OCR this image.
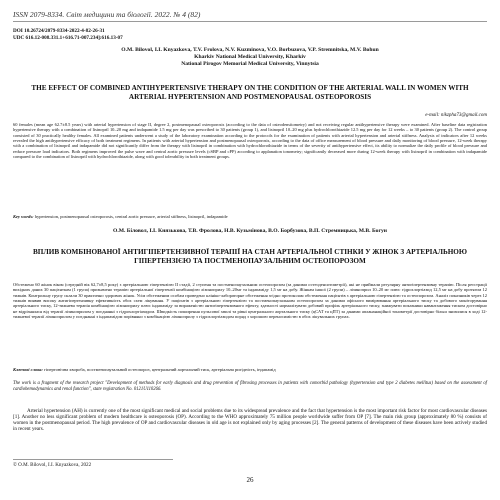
ISSN 2079-8334. Світ медицини та біології. 2022. № 4 (82)
DOI 10.26724/2079-8334-2022-4-82-26-31
UDC 616.12-008.331.1+616.71-007.234]:616.13-07
O.M. Bilovol, I.I. Knyazkova, T.V. Frolova, N.V. Kuzminova, V.O. Borbuzova, V.P. Stremnitska, M.V. Bohun
Kharkiv National Medical University, Kharkiv
National Pirogov Memorial Medical University, Vinnytsia
THE EFFECT OF COMBINED ANTIHYPERTENSIVE THERAPY ON THE CONDITION OF THE ARTERIAL WALL IN WOMEN WITH ARTERIAL HYPERTENSION AND POSTMENOPAUSAL OSTEOPOROSIS
e-mail: nikzpha73@gmail.com
60 females (mean age 62.7±8.5 years) with arterial hypertension of stage II, degree 2, postmenopausal osteoporosis (according to the data of osteodensitometry) and not receiving regular antihypertensive therapy were examined. After baseline data registration hypertensive therapy with a combination of lisinopril 10–20 mg and indapamide 1.5 mg per day was prescribed to 30 patients (group 1), and lisinopril 10–20 mg plus hydrochlorothiazide 12.5 mg per day for 12 weeks – to 30 patients (group 2). The control group consisted of 30 practically healthy females. All examined patients underwent a study of the laboratory examination according to the protocols for the examination of patients with arterial hypertension and arterial stiffness. Analysis of indicators after 12 weeks revealed the high antihypertensive efficacy of both treatment regimens. In patients with arterial hypertension and postmenopausal osteoporosis, according to the data of office measurement of blood pressure and daily monitoring of blood pressure, 12-week therapy with a combination of lisinopril and indapamide did not significantly differ from the therapy with lisinopril in combination with hydrochlorothiazide in terms of the severity of antihypertensive effect, its ability to normalize the daily profile of blood pressure and reduce pressure load indicators. Both regimens improved the pulse wave and central aortic pressure levels (cSBP and cPP) according to applanation tonometry; significantly decreased more during 12-week therapy with lisinopril in combination with indapamide compared to the combination of lisinopril with hydrochlorothiazide, along with good tolerability in both treatment groups.
Key words: hypertension, postmenopausal osteoporosis, central aortic pressure, arterial stiffness, lisinopril, indapamide
О.М. Біловол, І.І. Князькова, Т.В. Фролова, Н.В. Кузьмінова, В.О. Борбузова, В.П. Стремницька, М.В. Богун
ВПЛИВ КОМБІНОВАНОЇ АНТИГІПЕРТЕНЗИВНОЇ ТЕРАПІЇ НА СТАН АРТЕРІАЛЬНОЇ СТІНКИ У ЖІНОК З АРТЕРІАЛЬНОЮ ГІПЕРТЕНЗІЄЮ ТА ПОСТМЕНОПАУЗАЛЬНИМ ОСТЕОПОРОЗОМ
Обстежено 60 жінок віком (середній вік 62,7±8,5 року) з артеріальною гіпертензією II стадії, 2 ступеня та постменопаузальним остеопорозом (за даними остеоденситометрії), які не приймали регулярну антигіпертензивну терапію. Після реєстрації вихідних даних 30 пацієнткам (1 група) призначено терапію артеріальної гіпертензії комбінацією лізиноприлу 10–20мг та індапаміду 1,5 мг на добу. Жінкам іншої (2 групи) – лізиноприл 10–20 мг плюс гідрохлортіазид 12,5 мг на добу протягом 12 тижнів. Контрольну групу склали 30 практично здорових жінок. Усім обстеженим особам проведено клініко-лабораторне обстеження згідно протоколам обстеження пацієнтів з артеріальною гіпертензією та остеопорозом. Аналіз показників через 12 тижнів виявив високу антигіпертензивну ефективність обох схем лікування. У пацієнтів з артеріальною гіпертензією та постменопаузальним остеопорозом за даними офісного вимірювання артеріального тиску та добового моніторування артеріального тиску, 12-тижнева терапія комбінацією лізиноприлу плюс індапаміду за вираженістю антигіпертензивного ефекту, здатності нормалізувати добовий профіль артеріального тиску, знижувати показники навантаження тиском достовірно не відрізнялася від терапії лізиноприлом у поєднанні з гідрохлортіазидом. Швидкість поширення пульсової хвилі та рівні центрального аортального тиску (цСАТ та цПТ) за даними аплананаційної тонометрії достовірно більш знизилися в ході 12-тижневої терапії лізиноприлом у поєднанні з індапамідом порівняно з комбінацією лізиноприлу з гідрохлортіазидом поряд з хорошою переносимістю в обох лікувальних групах.
Ключові слова: гіпертонічна хвороба, постменопаузальний остеопороз, центральний аортальний тиск, артеріальна ригідність, індапамід
The work is a fragment of the research project "Development of methods for early diagnosis and drug prevention of fibrosing processes in patients with comorbid pathology (hypertension and type 2 diabetes mellitus) based on the assessment of cardiohemodynamics and renal function", state registration No. 0121U110266.
Arterial hypertension (AH) is currently one of the most significant medical and social problems due to its widespread prevalence and the fact that hypertension is the most important risk factor for most cardiovascular diseases [1]. Another no less significant problem of modern healthcare is osteoporosis (OP). According to the WHO approximately 75 million people worldwide suffer from OP [7]. The main risk group (approximately 80 %) consists of women in the postmenopausal period. The high prevalence of OP and cardiovascular diseases in old age is not explained only by aging processes [2]. The general patterns of development of these diseases have been actively studied in recent years.
© O.M. Bilovol, I.I. Knyazkova, 2022
26
